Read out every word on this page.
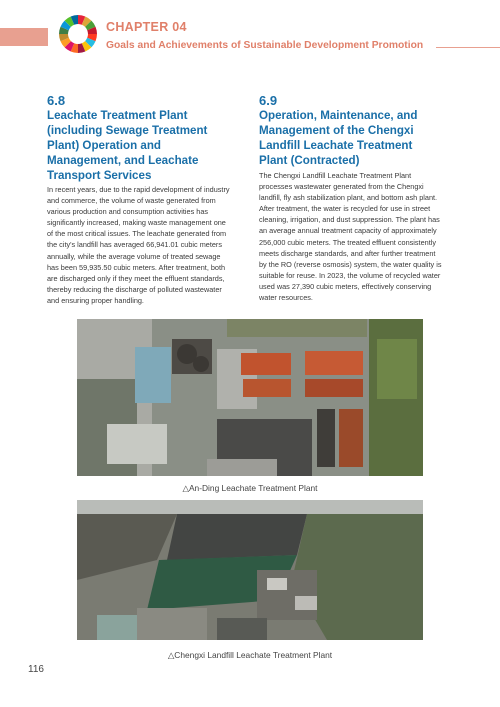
CHAPTER 04
Goals and Achievements of Sustainable Development Promotion
6.8
Leachate Treatment Plant
(including Sewage Treatment
Plant) Operation and
Management, and Leachate
Transport Services
In recent years, due to the rapid development of industry
and commerce, the volume of waste generated from
various production and consumption activities has
significantly increased, making waste management one
of the most critical issues. The leachate generated from
the city's landfill has averaged 66,941.01 cubic meters
annually, while the average volume of treated sewage
has been 59,935.50 cubic meters. After treatment, both
are discharged only if they meet the effluent standards,
thereby reducing the discharge of polluted wastewater
and ensuring proper handling.
6.9
Operation, Maintenance, and
Management of the Chengxi
Landfill Leachate Treatment
Plant (Contracted)
The Chengxi Landfill Leachate Treatment Plant
processes wastewater generated from the Chengxi
landfill, fly ash stabilization plant, and bottom ash plant.
After treatment, the water is recycled for use in street
cleaning, irrigation, and dust suppression. The plant has
an average annual treatment capacity of approximately
256,000 cubic meters. The treated effluent consistently
meets discharge standards, and after further treatment
by the RO (reverse osmosis) system, the water quality is
suitable for reuse. In 2023, the volume of recycled water
used was 27,390 cubic meters, effectively conserving
water resources.
△An-Ding Leachate Treatment Plant
△Chengxi Landfill Leachate Treatment Plant
116
